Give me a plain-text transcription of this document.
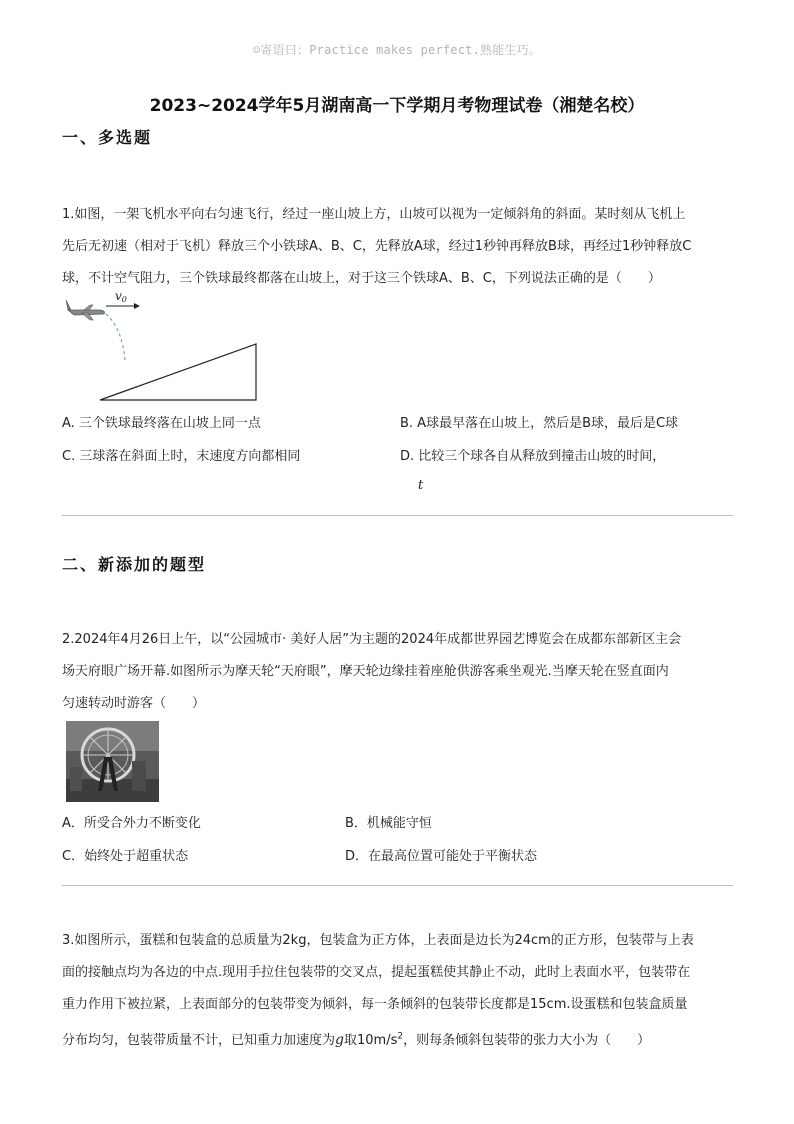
☺寄语曰：Practice makes perfect.熟能生巧。
2023~2024学年5月湖南高一下学期月考物理试卷（湘楚名校）
一、多选题
1.如图，一架飞机水平向右匀速飞行，经过一座山坡上方，山坡可以视为一定倾斜角的斜面。某时刻从飞机上
先后无初速（相对于飞机）释放三个小铁球A、B、C，先释放A球，经过1秒钟再释放B球，再经过1秒钟释放C
球，不计空气阻力，三个铁球最终都落在山坡上，对于这三个铁球A、B、C，下列说法正确的是（　　）
v0
A. 三个铁球最终落在山坡上同一点	B. A球最早落在山坡上，然后是B球，最后是C球
C. 三球落在斜面上时，末速度方向都相同	D. 比较三个球各自从释放到撞击山坡的时间，
t
二、新添加的题型
2.2024年4月26日上午，以“公园城市· 美好人居”为主题的2024年成都世界园艺博览会在成都东部新区主会
场天府眼广场开幕.如图所示为摩天轮“天府眼”，摩天轮边缘挂着座舱供游客乘坐观光.当摩天轮在竖直面内
匀速转动时游客（　　）
A．所受合外力不断变化	B．机械能守恒
C．始终处于超重状态	D．在最高位置可能处于平衡状态
3.如图所示，蛋糕和包装盒的总质量为2kg，包装盒为正方体，上表面是边长为24cm的正方形，包装带与上表
面的接触点均为各边的中点.现用手拉住包装带的交叉点，提起蛋糕使其静止不动，此时上表面水平，包装带在
重力作用下被拉紧，上表面部分的包装带变为倾斜，每一条倾斜的包装带长度都是15cm.设蛋糕和包装盒质量
分布均匀，包装带质量不计，已知重力加速度为g取$10m/s^2$，则每条倾斜包装带的张力大小为（　　）
